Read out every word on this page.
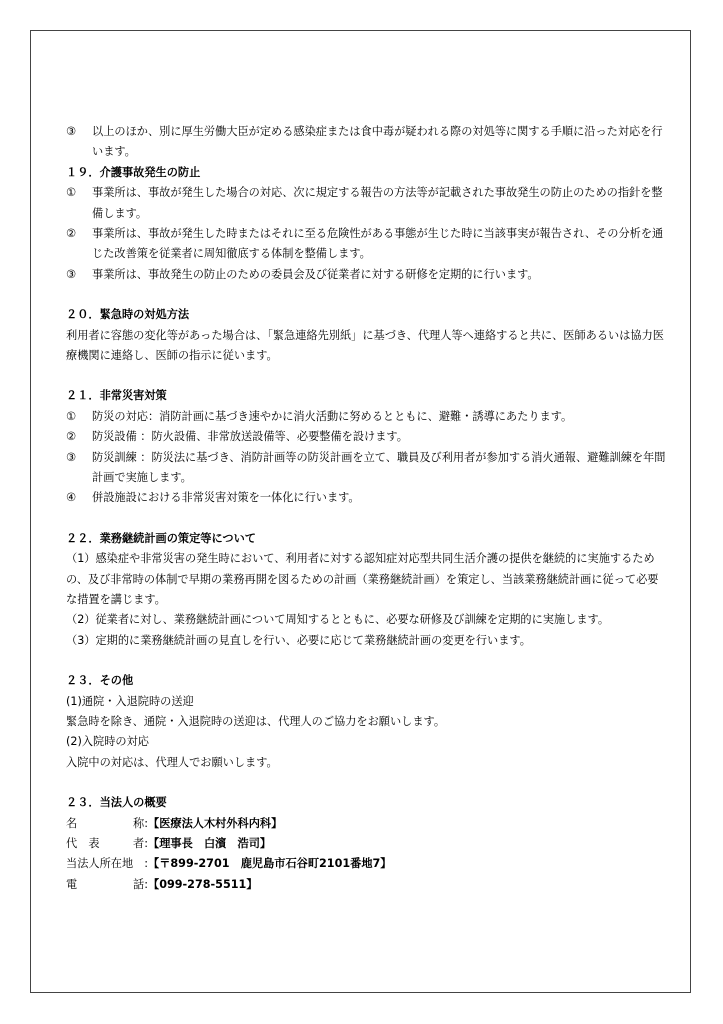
③	以上のほか、別に厚生労働大臣が定める感染症または食中毒が疑われる際の対処等に関する手順に沿った対応を行います。
１９．介護事故発生の防止
①	事業所は、事故が発生した場合の対応、次に規定する報告の方法等が記載された事故発生の防止のための指針を整備します。
②	事業所は、事故が発生した時またはそれに至る危険性がある事態が生じた時に当該事実が報告され、その分析を通じた改善策を従業者に周知徹底する体制を整備します。
③	事業所は、事故発生の防止のための委員会及び従業者に対する研修を定期的に行います。
２０．緊急時の対処方法
利用者に容態の変化等があった場合は、「緊急連絡先別紙」に基づき、代理人等へ連絡すると共に、医師あるいは協力医療機関に連絡し、医師の指示に従います。
２１．非常災害対策
①	防災の対応：消防計画に基づき速やかに消火活動に努めるとともに、避難・誘導にあたります。
②	防災設備 ：防火設備、非常放送設備等、必要整備を設けます。
③	防災訓練 ：防災法に基づき、消防計画等の防災計画を立て、職員及び利用者が参加する消火通報、避難訓練を年間計画で実施します。
④	併設施設における非常災害対策を一体化に行います。
２２．業務継続計画の策定等について
（1）感染症や非常災害の発生時において、利用者に対する認知症対応型共同生活介護の提供を継続的に実施するための、及び非常時の体制で早期の業務再開を図るための計画（業務継続計画）を策定し、当該業務継続計画に従って必要な措置を講じます。
（2）従業者に対し、業務継続計画について周知するとともに、必要な研修及び訓練を定期的に実施します。
（3）定期的に業務継続計画の見直しを行い、必要に応じて業務継続計画の変更を行います。
２３．その他
(1)通院・入退院時の送迎
緊急時を除き、通院・入退院時の送迎は、代理人のご協力をお願いします。
(2)入院時の対応
入院中の対応は、代理人でお願いします。
２３．当法人の概要
名	称: 【医療法人木村外科内科】
代　表	者: 【理事長　白濱　浩司】
当法人所在地 : 【〒899-2701　鹿児島市石谷町2101番地7】
電	話: 【099-278-5511】
